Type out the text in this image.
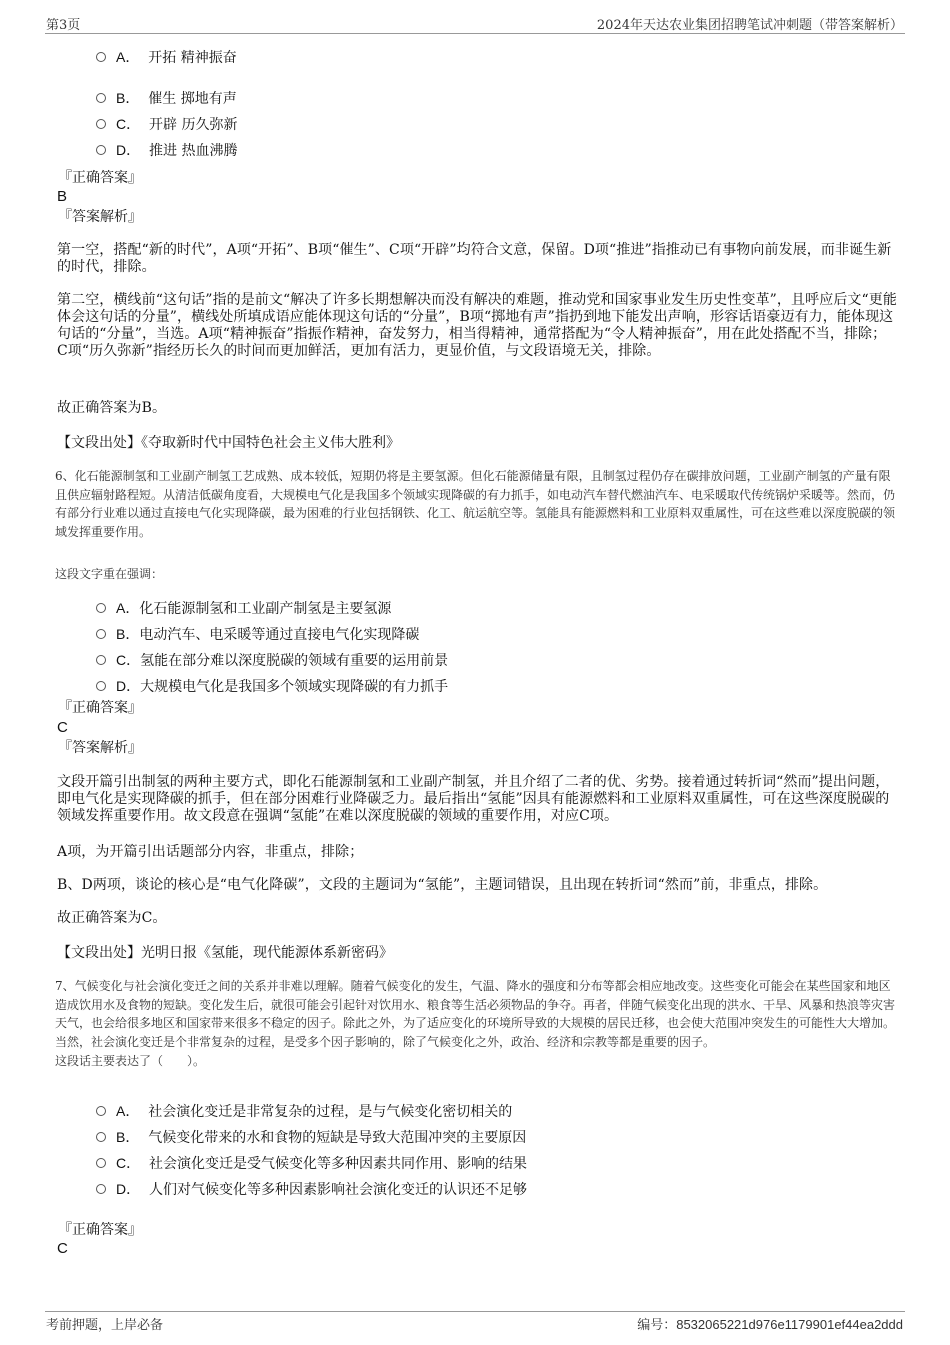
第3页	2024年天达农业集团招聘笔试冲刺题（带答案解析）
A． 开拓 精神振奋
B． 催生 掷地有声
C． 开辟 历久弥新
D． 推进 热血沸腾
『正确答案』
B
『答案解析』
第一空，搭配“新的时代”，A项“开拓”、B项“催生”、C项“开辟”均符合文意，保留。D项“推进”指推动已有事物向前发展，而非诞生新的时代，排除。
第二空，横线前“这句话”指的是前文“解决了许多长期想解决而没有解决的难题，推动党和国家事业发生历史性变革”，且呼应后文“更能体会这句话的分量”，横线处所填成语应能体现这句话的“分量”，B项“掷地有声”指扔到地下能发出声响，形容话语豪迈有力，能体现这句话的“分量”，当选。A项“精神振奋”指振作精神，奋发努力，相当得精神，通常搭配为“令人精神振奋”，用在此处搭配不当，排除；C项“历久弥新”指经历长久的时间而更加鲜活，更加有活力，更显价值，与文段语境无关，排除。
故正确答案为B。
【文段出处】《夺取新时代中国特色社会主义伟大胜利》
6、化石能源制氢和工业副产制氢工艺成熟、成本较低，短期仍将是主要氢源。但化石能源储量有限，且制氢过程仍存在碳排放问题，工业副产制氢的产量有限且供应辐射路程短。从清洁低碳角度看，大规模电气化是我国多个领域实现降碳的有力抓手，如电动汽车替代燃油汽车、电采暖取代传统锅炉采暖等。然而，仍有部分行业难以通过直接电气化实现降碳，最为困难的行业包括钢铁、化工、航运航空等。氢能具有能源燃料和工业原料双重属性，可在这些难以深度脱碳的领域发挥重要作用。
这段文字重在强调：
A．化石能源制氢和工业副产制氢是主要氢源
B．电动汽车、电采暖等通过直接电气化实现降碳
C．氢能在部分难以深度脱碳的领域有重要的运用前景
D．大规模电气化是我国多个领域实现降碳的有力抓手
『正确答案』
C
『答案解析』
文段开篇引出制氢的两种主要方式，即化石能源制氢和工业副产制氢，并且介绍了二者的优、劣势。接着通过转折词“然而”提出问题，即电气化是实现降碳的抓手，但在部分困难行业降碳乏力。最后指出“氢能”因具有能源燃料和工业原料双重属性，可在这些深度脱碳的领域发挥重要作用。故文段意在强调“氢能”在难以深度脱碳的领域的重要作用，对应C项。
A项，为开篇引出话题部分内容，非重点，排除；
B、D两项，谈论的核心是“电气化降碳”，文段的主题词为“氢能”，主题词错误，且出现在转折词“然而”前，非重点，排除。
故正确答案为C。
【文段出处】光明日报《氢能，现代能源体系新密码》
7、气候变化与社会演化变迁之间的关系并非难以理解。随着气候变化的发生，气温、降水的强度和分布等都会相应地改变。这些变化可能会在某些国家和地区造成饮用水及食物的短缺。变化发生后，就很可能会引起针对饮用水、粮食等生活必须物品的争夺。再者，伴随气候变化出现的洪水、干旱、风暴和热浪等灾害天气，也会给很多地区和国家带来很多不稳定的因子。除此之外，为了适应变化的环境所导致的大规模的居民迁移，也会使大范围冲突发生的可能性大大增加。当然，社会演化变迁是个非常复杂的过程，是受多个因子影响的，除了气候变化之外，政治、经济和宗教等都是重要的因子。
这段话主要表达了（　　）。
A． 社会演化变迁是非常复杂的过程，是与气候变化密切相关的
B． 气候变化带来的水和食物的短缺是导致大范围冲突的主要原因
C． 社会演化变迁是受气候变化等多种因素共同作用、影响的结果
D． 人们对气候变化等多种因素影响社会演化变迁的认识还不足够
『正确答案』
C
考前押题，上岸必备	编号：8532065221d976e1179901ef44ea2ddd
